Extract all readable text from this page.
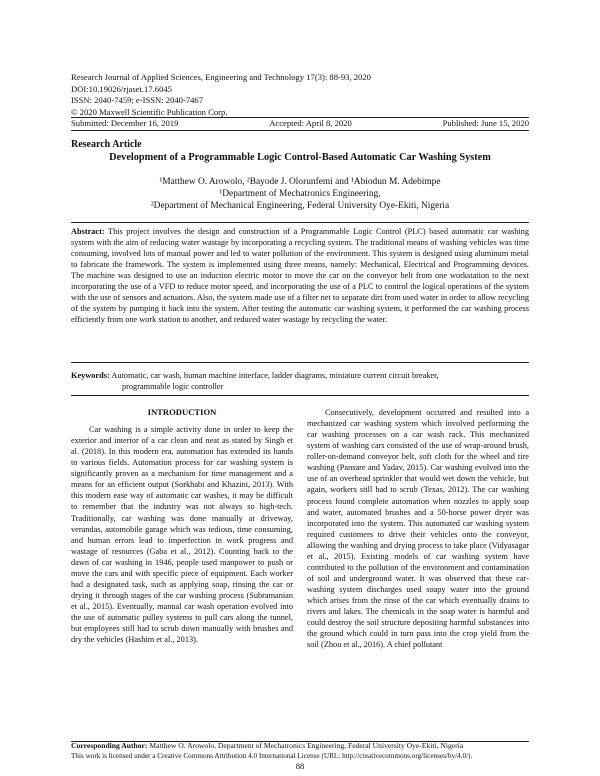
Research Journal of Applied Sciences, Engineering and Technology 17(3): 88-93, 2020
DOI:10.19026/rjaset.17.6045
ISSN: 2040-7459; e-ISSN: 2040-7467
© 2020 Maxwell Scientific Publication Corp.
Submitted: December 16, 2019	Accepted: April 8, 2020	Published: June 15, 2020
Research Article
Development of a Programmable Logic Control-Based Automatic Car Washing System

¹Matthew O. Arowolo, ²Bayode J. Olorunfemi and ¹Abiodun M. Adebimpe

¹Department of Mechatronics Engineering,

²Department of Mechanical Engineering, Federal University Oye-Ekiti, Nigeria

Abstract: This project involves the design and construction of a Programmable Logic Control (PLC) based automatic car washing system with the aim of reducing water wastage by incorporating a recycling system. The traditional means of washing vehicles was time consuming, involved lots of manual power and led to water pollution of the environment. This system is designed using aluminum metal to fabricate the framework. The system is implemented using three means, namely: Mechanical, Electrical and Programming devices. The machine was designed to use an induction electric motor to move the car on the conveyor belt from one workstation to the next incorporating the use of a VFD to reduce motor speed, and incorporating the use of a PLC to control the logical operations of the system with the use of sensors and actuators. Also, the system made use of a filter net to separate dirt from used water in order to allow recycling of the system by pumping it back into the system. After testing the automatic car washing system, it performed the car washing process efficiently from one work station to another, and reduced water wastage by recycling the water.
Keywords: Automatic, car wash, human machine interface, ladder diagrams, miniature current circuit breaker,
programmable logic controller
INTRODUCTION

Car washing is a simple activity done in order to keep the exterior and interior of a car clean and neat as stated by Singh et al. (2018). In this modern era, automation has extended its hands to various fields. Automation process for car washing system is significantly proven as a mechanism for time management and a means for an efficient output (Sorkhabi and Khazini, 2013). With this modern ease way of automatic car washes, it may be difficult to remember that the industry was not always so high-tech. Traditionally, car washing was done manually at driveway, verandas, automobile garage which was tedious, time consuming, and human errors lead to imperfection in work progress and wastage of resources (Gaba et al., 2012). Counting back to the dawn of car washing in 1946, people used manpower to push or move the cars and with specific piece of equipment. Each worker had a designated task, such as applying soap, rinsing the car or drying it through stages of the car washing process (Subramanian et al., 2015). Eventually, manual car wash operation evolved into the use of automatic pulley systems to pull cars along the tunnel, but employees still had to scrub down manually with brushes and dry the vehicles (Hashim et al., 2013).

Consecutively, development occurred and resulted into a mechanized car washing system which involved performing the car washing processes on a car wash rack. This mechanized system of washing cars consisted of the use of wrap-around brush, roller-on-demand conveyor belt, soft cloth for the wheel and tire washing (Pansare and Yadav, 2015). Car washing evolved into the use of an overhead sprinkler that would wet down the vehicle, but again, workers still had to scrub (Texas, 2012). The car washing process found complete automation when nozzles to apply soap and water, automated brushes and a 50-horse power dryer was incorporated into the system. This automated car washing system required customers to drive their vehicles onto the conveyor, allowing the washing and drying process to take place (Vidyasagar et al., 2015). Existing models of car washing system have contributed to the pollution of the environment and contamination of soil and underground water. It was observed that these car-washing system discharges used soapy water into the ground which arises from the rinse of the car which eventually drains to rivers and lakes. The chemicals in the soap water is harmful and could destroy the soil structure depositing harmful substances into the ground which could in turn pass into the crop yield from the soil (Zhou et al., 2016). A chief pollutant

Corresponding Author: Matthew O. Arowolo, Department of Mechatronics Engineering, Federal University Oye-Ekiti, Nigeria
This work is licensed under a Creative Commons Attribution 4.0 International License (URL: http://creativecommons.org/licenses/by/4.0/).
88
